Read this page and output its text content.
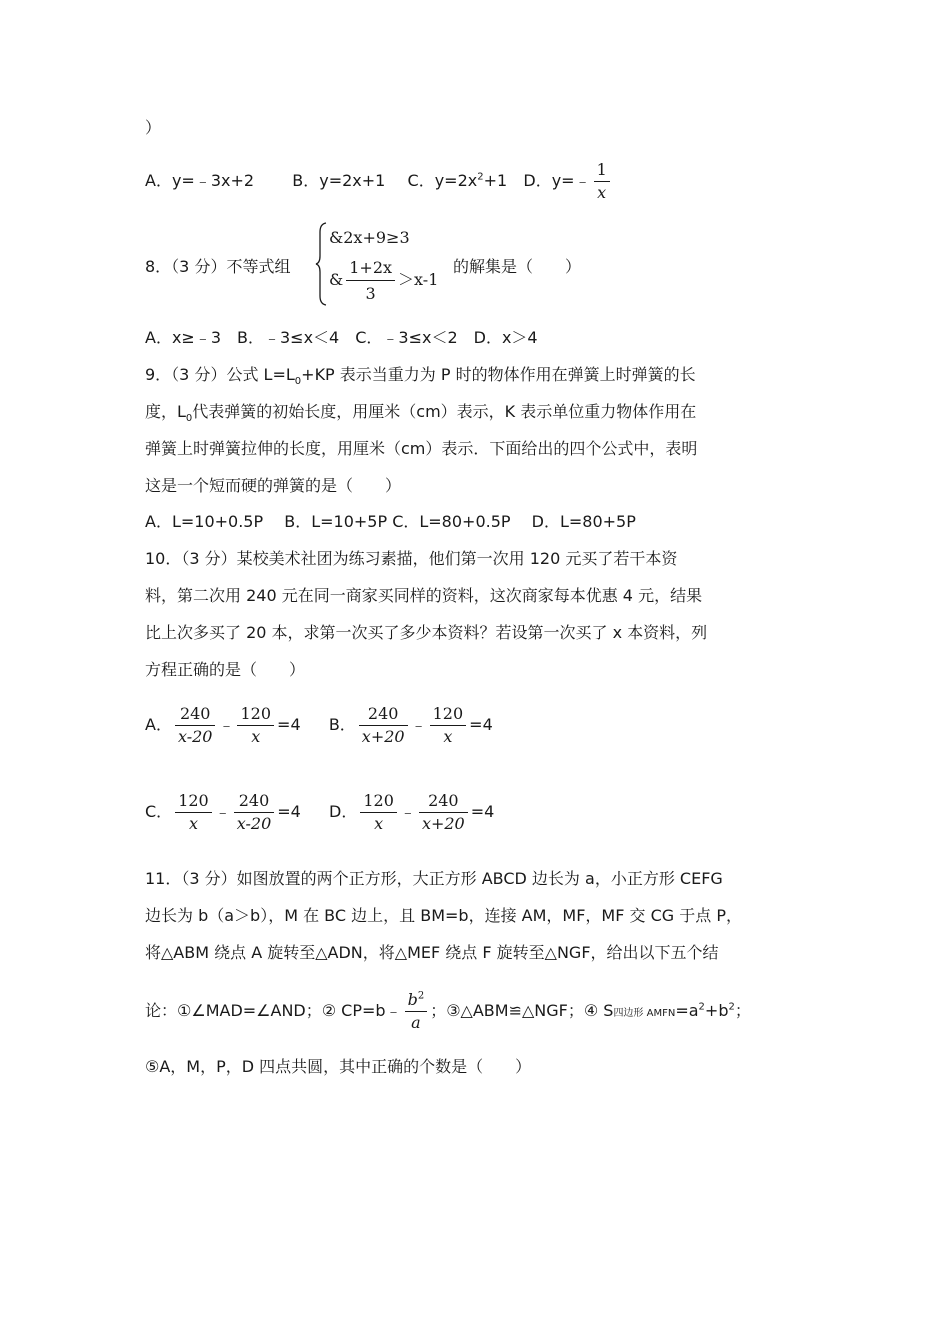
）
A．y=﹣3x+2 B．y=2x+1 C．$y=2x^2+1$ D．y=﹣ $\frac{1}{x}$
8．（3 分）不等式组
&2x+9≥3
& $\frac{1+2x}{3} >x-1$
的解集是（　　）
A．x≥﹣3　B．﹣3≤x＜4　C．﹣3≤x＜2　D．x＞4
9．（3 分）公式 $L=L_0+KP$ 表示当重力为 P 时的物体作用在弹簧上时弹簧的长
度，$L_0$代表弹簧的初始长度，用厘米（cm）表示，K 表示单位重力物体作用在
弹簧上时弹簧拉伸的长度，用厘米（cm）表示．下面给出的四个公式中，表明
这是一个短而硬的弹簧的是（　　）
A．L=10+0.5P　 B．L=10+5P C．L=80+0.5P　 D．L=80+5P
10．（3 分）某校美术社团为练习素描，他们第一次用 120 元买了若干本资
料，第二次用 240 元在同一商家买同样的资料，这次商家每本优惠 4 元，结果
比上次多买了 20 本，求第一次买了多少本资料？若设第一次买了 x 本资料，列
方程正确的是（　　）
A． $\frac{240}{x-20}$ ﹣ $\frac{120}{x} =4$ B． $\frac{240}{x+20}$ ﹣ $\frac{120}{x} =4$
C． $\frac{120}{x}$ ﹣ $\frac{240}{x-20} =4$ D． $\frac{120}{x}$ ﹣ $\frac{240}{x+20} =4$
11．（3 分）如图放置的两个正方形，大正方形 ABCD 边长为 a，小正方形 CEFG
边长为 b（a＞b），M 在 BC 边上，且 BM=b，连接 AM，MF，MF 交 CG 于点 P，
将△ABM 绕点 A 旋转至△ADN，将△MEF 绕点 F 旋转至△NGF，给出以下五个结
论：①∠MAD=∠AND；② CP=b﹣ $\frac{b^2}{a}$ ；③△ABM≌△NGF；④ S四边形 $AMFN=a^2+b^2$；
⑤A，M，P，D 四点共圆，其中正确的个数是（　　）
